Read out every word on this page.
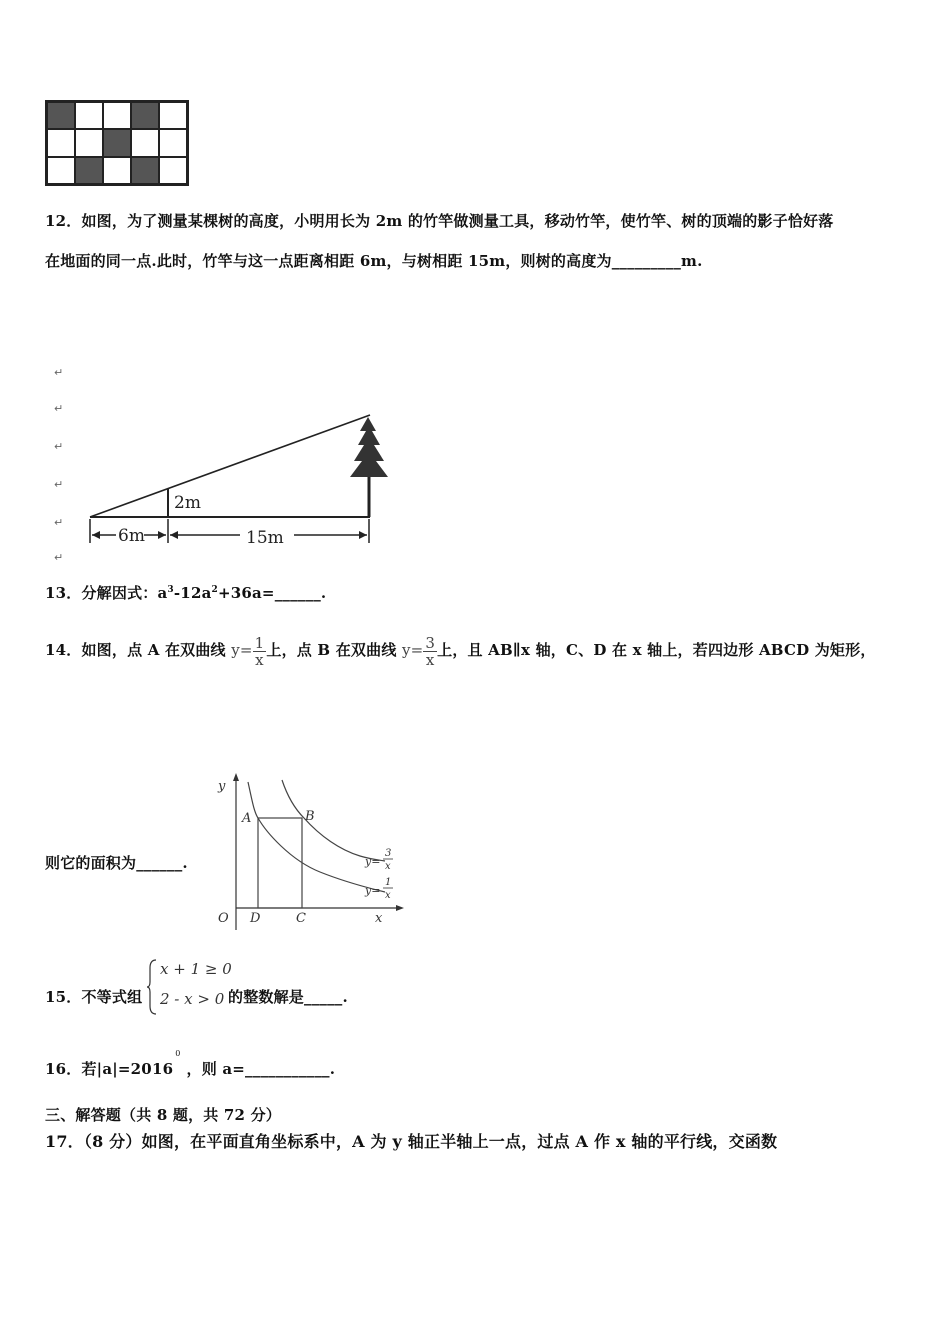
12．如图，为了测量某棵树的高度，小明用长为 2m 的竹竿做测量工具，移动竹竿，使竹竿、树的顶端的影子恰好落
在地面的同一点.此时，竹竿与这一点距离相距 6m，与树相距 15m，则树的高度为_________m.
↵
↵
↵
↵
↵
↵
2m
6m	15m
13．分解因式：$a^3-12a^2+36a=\_\_\_\_\_\_$.
14．如图，点 A 在双曲线 $y= \frac{1}{x}$ 上，点 B 在双曲线 $y= \frac{3}{x}$ 上，且 AB∥x 轴，C、D 在 x 轴上，若四边形 ABCD 为矩形，
则它的面积为______.
y
x
O
A	B
C
D
y=
3
x
y=
1
x
15．不等式组
x + 1 ≥ 0
2 - x > 0 的整数解是_____.
16．若$|a|=2016^0$，则 a=___________.
三、解答题（共 8 题，共 72 分）
17．（8 分）如图，在平面直角坐标系中，A 为 y 轴正半轴上一点，过点 A 作 x 轴的平行线，交函数
